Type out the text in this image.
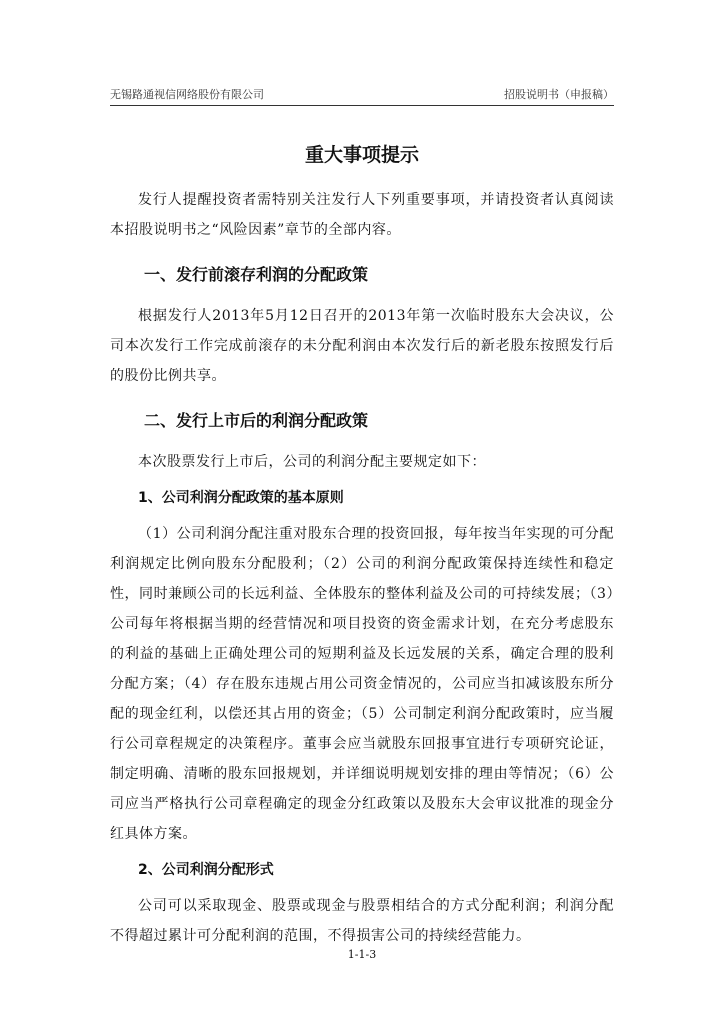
无锡路通视信网络股份有限公司	招股说明书（申报稿）
重大事项提示

发行人提醒投资者需特别关注发行人下列重要事项，并请投资者认真阅读本招股说明书之“风险因素”章节的全部内容。

一、发行前滚存利润的分配政策

根据发行人2013年5月12日召开的2013年第一次临时股东大会决议，公司本次发行工作完成前滚存的未分配利润由本次发行后的新老股东按照发行后的股份比例共享。

二、发行上市后的利润分配政策

本次股票发行上市后，公司的利润分配主要规定如下：

1、公司利润分配政策的基本原则

（1）公司利润分配注重对股东合理的投资回报，每年按当年实现的可分配利润规定比例向股东分配股利；（2）公司的利润分配政策保持连续性和稳定性，同时兼顾公司的长远利益、全体股东的整体利益及公司的可持续发展；（3）公司每年将根据当期的经营情况和项目投资的资金需求计划，在充分考虑股东的利益的基础上正确处理公司的短期利益及长远发展的关系，确定合理的股利分配方案；（4）存在股东违规占用公司资金情况的，公司应当扣减该股东所分配的现金红利，以偿还其占用的资金；（5）公司制定利润分配政策时，应当履行公司章程规定的决策程序。董事会应当就股东回报事宜进行专项研究论证，制定明确、清晰的股东回报规划，并详细说明规划安排的理由等情况；（6）公司应当严格执行公司章程确定的现金分红政策以及股东大会审议批准的现金分红具体方案。

2、公司利润分配形式

公司可以采取现金、股票或现金与股票相结合的方式分配利润；利润分配不得超过累计可分配利润的范围，不得损害公司的持续经营能力。

1-1-3
